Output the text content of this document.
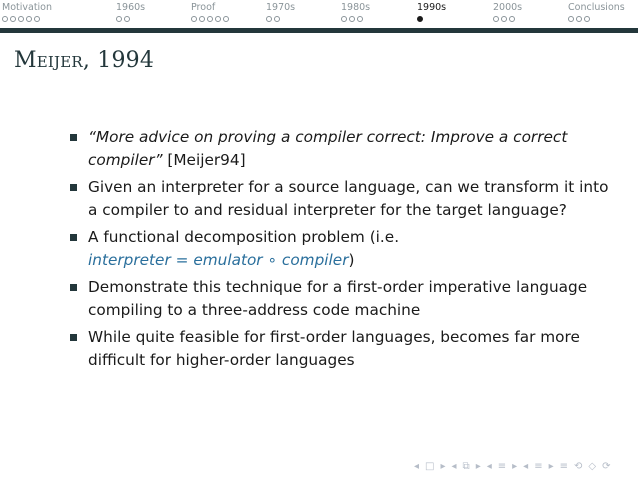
Motivation	1960s	Proof	1970s	1980s	1990s	2000s	Conclusions
Meijer, 1994
“More advice on proving a compiler correct: Improve a correct compiler” [Meijer94]
Given an interpreter for a source language, can we transform it into a compiler to and residual interpreter for the target language?
A functional decomposition problem (i.e.
interpreter = emulator ∘ compiler)
Demonstrate this technique for a first-order imperative language compiling to a three-address code machine
While quite feasible for first-order languages, becomes far more difficult for higher-order languages
◂ □ ▸ ◂ ⧉ ▸ ◂ ≡ ▸ ◂ ≡ ▸ ≡ ⟲ ◇ ⟳
